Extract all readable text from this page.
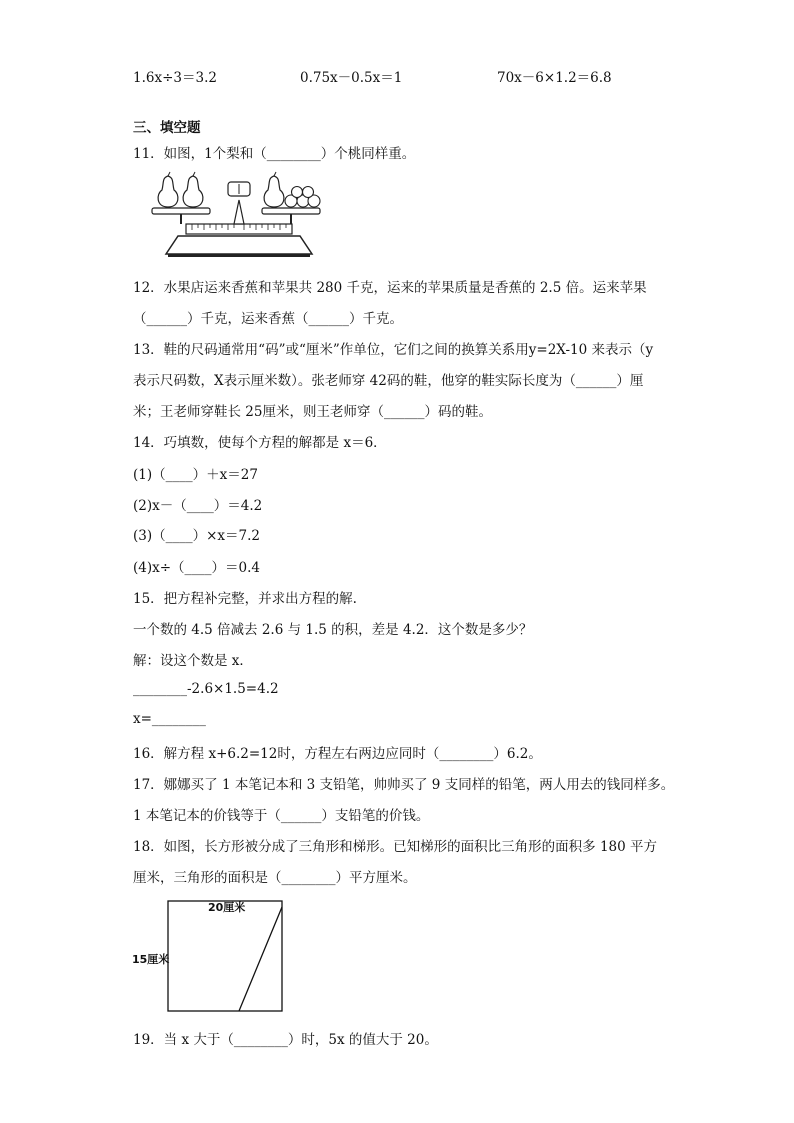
1.6x÷3＝3.2	0.75x－0.5x＝1	70x－6×1.2＝6.8
三、填空题
11．如图，1个梨和（________）个桃同样重。
12．水果店运来香蕉和苹果共 280 千克，运来的苹果质量是香蕉的 2.5 倍。运来苹果
（______）千克，运来香蕉（______）千克。
13．鞋的尺码通常用“码”或“厘米”作单位，它们之间的换算关系用y=2X-10 来表示（y
表示尺码数，X表示厘米数）。张老师穿 42码的鞋，他穿的鞋实际长度为（______）厘
米；王老师穿鞋长 25厘米，则王老师穿（______）码的鞋。
14．巧填数，使每个方程的解都是 x＝6．
(1)（____）＋x＝27
(2)x－（____）＝4.2
(3)（____）×x＝7.2
(4)x÷（____）＝0.4
15．把方程补完整，并求出方程的解.
一个数的 4.5 倍减去 2.6 与 1.5 的积，差是 4.2．这个数是多少？
解：设这个数是 x．
________-2.6×1.5=4.2
x=________
16．解方程 x+6.2=12时，方程左右两边应同时（________）6.2。
17．娜娜买了 1 本笔记本和 3 支铅笔，帅帅买了 9 支同样的铅笔，两人用去的钱同样多。
1 本笔记本的价钱等于（______）支铅笔的价钱。
18．如图，长方形被分成了三角形和梯形。已知梯形的面积比三角形的面积多 180 平方
厘米，三角形的面积是（________）平方厘米。
20厘米
15厘米
19．当 x 大于（________）时，5x 的值大于 20。
